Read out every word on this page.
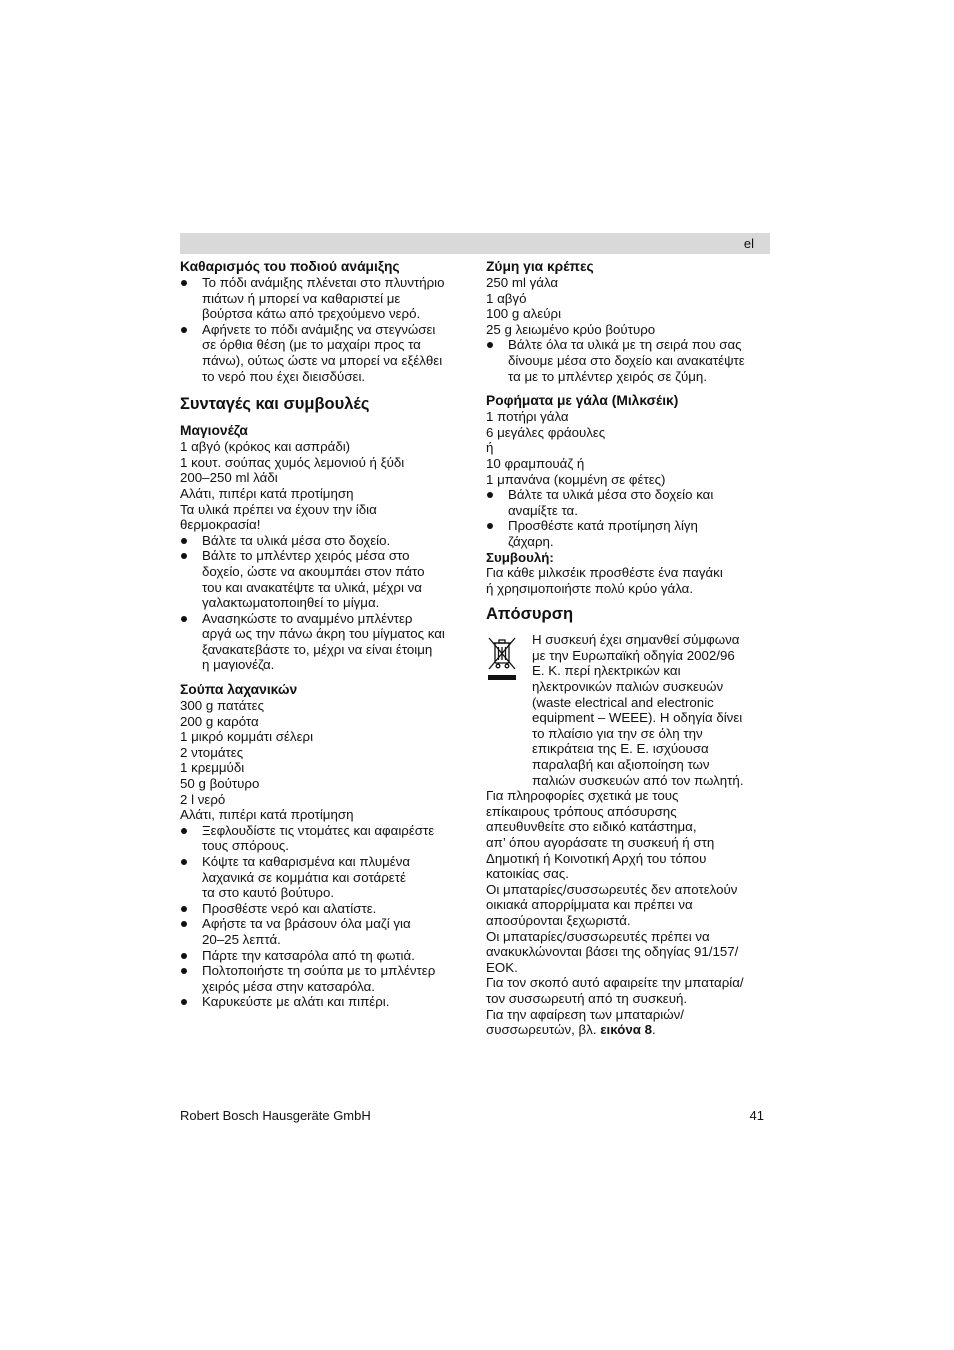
el
Καθαρισμός του ποδιού ανάμιξης
Το πόδι ανάμιξης πλένεται στο πλυντήριο
πιάτων ή μπορεί να καθαριστεί με
βούρτσα κάτω από τρεχούμενο νερό.
Αφήνετε το πόδι ανάμιξης να στεγνώσει
σε όρθια θέση (με το μαχαίρι προς τα
πάνω), ούτως ώστε να μπορεί να εξέλθει
το νερό που έχει διεισδύσει.
Συνταγές και συμβουλές
Μαγιονέζα
1 αβγό (κρόκος και ασπράδι)
1 κουτ. σούπας χυμός λεμονιού ή ξύδι
200–250 ml λάδι
Αλάτι, πιπέρι κατά προτίμηση
Τα υλικά πρέπει να έχουν την ίδια
θερμοκρασία!
Βάλτε τα υλικά μέσα στο δοχείο.
Βάλτε το μπλέντερ χειρός μέσα στο
δοχείο, ώστε να ακουμπάει στον πάτο
του και ανακατέψτε τα υλικά, μέχρι να
γαλακτωματοποιηθεί το μίγμα.
Ανασηκώστε το αναμμένο μπλέντερ
αργά ως την πάνω άκρη του μίγματος και
ξανακατεβάστε το, μέχρι να είναι έτοιμη
η μαγιονέζα.
Σούπα λαχανικών
300 g πατάτες
200 g καρότα
1 μικρό κομμάτι σέλερι
2 ντομάτες
1 κρεμμύδι
50 g βούτυρο
2 l νερό
Αλάτι, πιπέρι κατά προτίμηση
Ξεφλουδίστε τις ντομάτες και αφαιρέστε
τους σπόρους.
Κόψτε τα καθαρισμένα και πλυμένα
λαχανικά σε κομμάτια και σοτάρετέ
τα στο καυτό βούτυρο.
Προσθέστε νερό και αλατίστε.
Αφήστε τα να βράσουν όλα μαζί για
20–25 λεπτά.
Πάρτε την κατσαρόλα από τη φωτιά.
Πολτοποιήστε τη σούπα με το μπλέντερ
χειρός μέσα στην κατσαρόλα.
Καρυκεύστε με αλάτι και πιπέρι.
Ζύμη για κρέπες
250 ml γάλα
1 αβγό
100 g αλεύρι
25 g λειωμένο κρύο βούτυρο
Βάλτε όλα τα υλικά με τη σειρά που σας
δίνουμε μέσα στο δοχείο και ανακατέψτε
τα με το μπλέντερ χειρός σε ζύμη.
Ροφήματα με γάλα (Μιλκσέικ)
1 ποτήρι γάλα
6 μεγάλες φράουλες
ή
10 φραμπουάζ ή
1 μπανάνα (κομμένη σε φέτες)
Βάλτε τα υλικά μέσα στο δοχείο και
αναμίξτε τα.
Προσθέστε κατά προτίμηση λίγη
ζάχαρη.
Συμβουλή:
Για κάθε μιλκσέικ προσθέστε ένα παγάκι
ή χρησιμοποιήστε πολύ κρύο γάλα.
Απόσυρση
Η συσκευή έχει σημανθεί σύμφωνα
με την Ευρωπαϊκή οδηγία 2002/96
Ε. Κ. περί ηλεκτρικών και
ηλεκτρονικών παλιών συσκευών
(waste electrical and electronic
equipment – WEEE). Η οδηγία δίνει
το πλαίσιο για την σε όλη την
επικράτεια της Ε. Ε. ισχύουσα
παραλαβή και αξιοποίηση των
παλιών συσκευών από τον πωλητή.
Για πληροφορίες σχετικά με τους
επίκαιρους τρόπους απόσυρσης
απευθυνθείτε στο ειδικό κατάστημα,
απ’ όπου αγοράσατε τη συσκευή ή στη
Δημοτική ή Κοινοτική Αρχή του τόπου
κατοικίας σας.
Οι μπαταρίες/συσσωρευτές δεν αποτελούν
οικιακά απορρίμματα και πρέπει να
αποσύρονται ξεχωριστά.
Οι μπαταρίες/συσσωρευτές πρέπει να
ανακυκλώνονται βάσει της οδηγίας 91/157/
ΕΟΚ.
Για τον σκοπό αυτό αφαιρείτε την μπαταρία/
τον συσσωρευτή από τη συσκευή.
Για την αφαίρεση των μπαταριών/
συσσωρευτών, βλ. εικόνα 8.
Robert Bosch Hausgeräte GmbH	41
